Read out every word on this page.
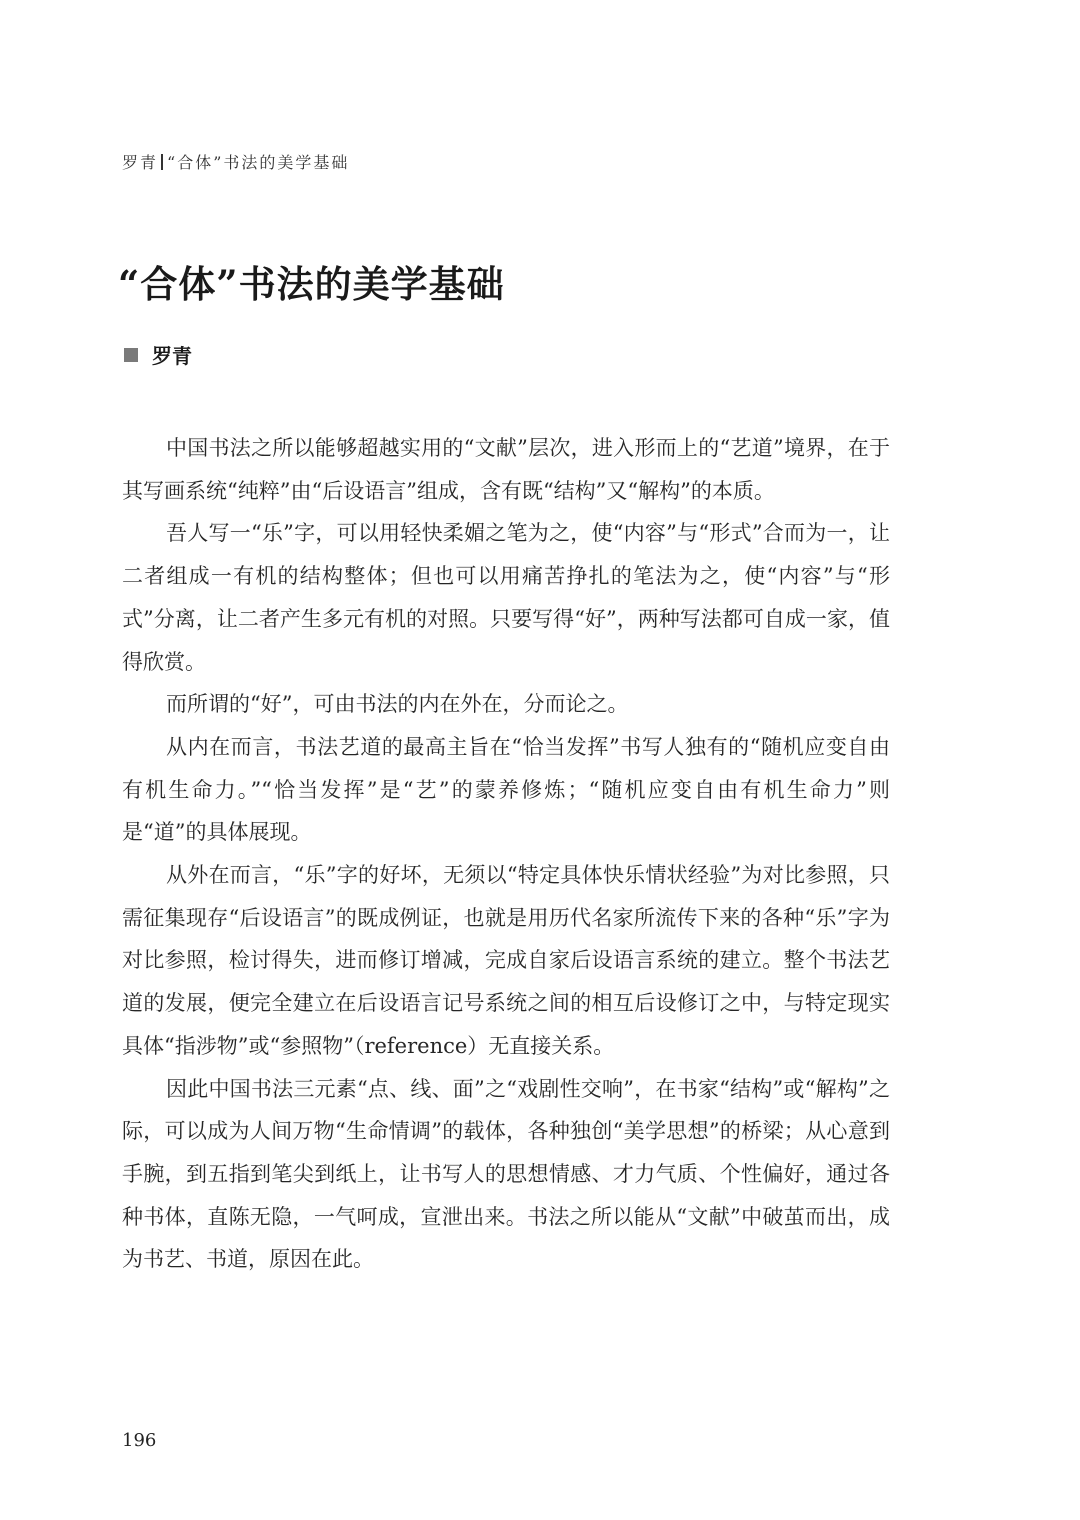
罗青 “合体”书法的美学基础
“合体”书法的美学基础
罗青

中国书法之所以能够超越实用的“文献”层次，进入形而上的“艺道”境界，在于其写画系统“纯粹”由“后设语言”组成，含有既“结构”又“解构”的本质。

吾人写一“乐”字，可以用轻快柔媚之笔为之，使“内容”与“形式”合而为一，让二者组成一有机的结构整体；但也可以用痛苦挣扎的笔法为之，使“内容”与“形式”分离，让二者产生多元有机的对照。只要写得“好”，两种写法都可自成一家，值得欣赏。

而所谓的“好”，可由书法的内在外在，分而论之。

从内在而言，书法艺道的最高主旨在“恰当发挥”书写人独有的“随机应变自由有机生命力。”“恰当发挥”是“艺”的蒙养修炼；“随机应变自由有机生命力”则是“道”的具体展现。

从外在而言，“乐”字的好坏，无须以“特定具体快乐情状经验”为对比参照，只需征集现存“后设语言”的既成例证，也就是用历代名家所流传下来的各种“乐”字为对比参照，检讨得失，进而修订增减，完成自家后设语言系统的建立。整个书法艺道的发展，便完全建立在后设语言记号系统之间的相互后设修订之中，与特定现实具体“指涉物”或“参照物”（reference）无直接关系。

因此中国书法三元素“点、线、面”之“戏剧性交响”，在书家“结构”或“解构”之际，可以成为人间万物“生命情调”的载体，各种独创“美学思想”的桥梁；从心意到手腕，到五指到笔尖到纸上，让书写人的思想情感、才力气质、个性偏好，通过各种书体，直陈无隐，一气呵成，宣泄出来。书法之所以能从“文献”中破茧而出，成为书艺、书道，原因在此。

196
